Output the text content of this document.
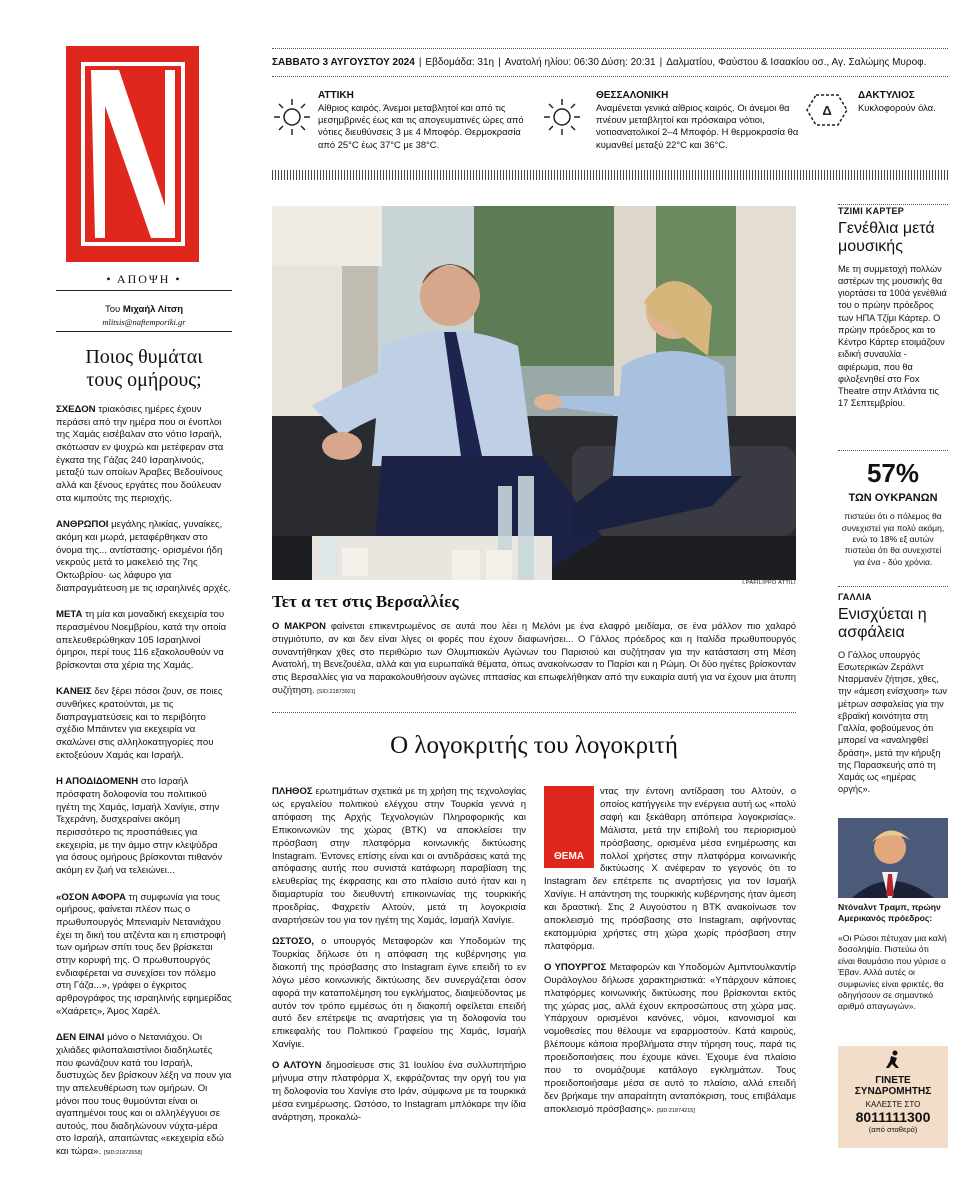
• ΑΠΟΨΗ •
Του Μιχαήλ Λίτση
mlitsis@naftemporiki.gr
Ποιος θυμάται
τους ομήρους;

ΣΧΕΔΟΝ τριακόσιες ημέρες έχουν περάσει από την ημέρα που οι ένοπλοι της Χαμάς εισέβαλαν στο νότιο Ισραήλ, σκότωσαν εν ψυχρώ και μετέφεραν στα έγκατα της Γάζας 240 Ισραηλινούς, μεταξύ των οποίων Άραβες Βεδουίνους αλλά και ξένους εργάτες που δούλευαν στα κιμπούτς της περιοχής.

ΑΝΘΡΩΠΟΙ μεγάλης ηλικίας, γυναίκες, ακόμη και μωρά, μεταφέρθηκαν στο όνομα της... αντίστασης· ορισμένοι ήδη νεκρούς μετά το μακελειό της 7ης Οκτωβρίου· ως λάφυρο για διαπραγμάτευση με τις ισραηλινές αρχές.

ΜΕΤΑ τη μία και μοναδική εκεχειρία του περασμένου Νοεμβρίου, κατά την οποία απελευθερώθηκαν 105 Ισραηλινοί όμηροι, περί τους 116 εξακολουθούν να βρίσκονται στα χέρια της Χαμάς.

ΚΑΝΕΙΣ δεν ξέρει πόσοι ζουν, σε ποιες συνθήκες κρατούνται, με τις διαπραγματεύσεις και το περιβόητο σχέδιο Μπάιντεν για εκεχειρία να σκαλώνει στις αλληλοκατηγορίες που εκτοξεύουν Χαμάς και Ισραήλ.

Η ΑΠΟΔΙΔΟΜΕΝΗ στο Ισραήλ πρόσφατη δολοφονία του πολιτικού ηγέτη της Χαμάς, Ισμαήλ Χανίγιε, στην Τεχεράνη, δυσχεραίνει ακόμη περισσότερο τις προσπάθειες για εκεχειρία, με την άμμο στην κλεψύδρα για όσους ομήρους βρίσκονται πιθανόν ακόμη εν ζωή να τελειώνει...

«ΟΣΟΝ ΑΦΟΡΑ τη συμφωνία για τους ομήρους, φαίνεται πλέον πως ο πρωθυπουργός Μπενιαμίν Νετανιάχου έχει τη δική του ατζέντα και η επιστροφή των ομήρων σπίτι τους δεν βρίσκεται στην κορυφή της. Ο πρωθυπουργός ενδιαφέρεται να συνεχίσει τον πόλεμο στη Γάζα...», γράφει ο έγκριτος αρθρογράφος της ισραηλινής εφημερίδας «Χαάρετς», Άμος Χαρέλ.

ΔΕΝ ΕΙΝΑΙ μόνο ο Νετανιάχου. Οι χιλιάδες φιλοπαλαιστίνιοι διαδηλωτές που φωνάζουν κατά του Ισραήλ, δυστυχώς δεν βρίσκουν λέξη να πουν για την απελευθέρωση των ομήρων. Οι μόνοι που τους θυμούνται είναι οι αγαπημένοι τους και οι αλληλέγγυοι σε αυτούς, που διαδηλώνουν νύχτα-μέρα στο Ισραήλ, απαιτώντας «εκεχειρία εδώ και τώρα». [SID:21872658]

ΣΑΒΒΑΤΟ 3 ΑΥΓΟΥΣΤΟΥ 2024 | Εβδομάδα: 31η | Ανατολή ηλίου: 06:30 Δύση: 20:31 | Δαλματίου, Φαύστου & Ισαακίου οσ., Αγ. Σαλώμης Μυροφ.
ΑΤΤΙΚΗ
Αίθριος καιρός. Άνεμοι μεταβλητοί και από τις μεσημβρινές έως και τις απογευματινές ώρες από νότιες διευθύνσεις 3 με 4 Μποφόρ. Θερμοκρασία από 25°C έως 37°C με 38°C.
ΘΕΣΣΑΛΟΝΙΚΗ
Αναμένεται γενικά αίθριος καιρός. Οι άνεμοι θα πνέουν μεταβλητοί και πρόσκαιρα νότιοι, νοτιοανατολικοί 2–4 Μποφόρ. Η θερμοκρασία θα κυμανθεί μεταξύ 22°C και 36°C.
Δ
ΔΑΚΤΥΛΙΟΣ
Κυκλοφορούν όλα.
I.PAFILIPPO ATTILI
Τετ α τετ στις Βερσαλλίες
Ο ΜΑΚΡΟΝ φαίνεται επικεντρωμένος σε αυτά που λέει η Μελόνι με ένα ελαφρό μειδίαμα, σε ένα μάλλον πιο χαλαρό στιγμιότυπο, αν και δεν είναι λίγες οι φορές που έχουν διαφωνήσει... Ο Γάλλος πρόεδρος και η Ιταλίδα πρωθυπουργός συναντήθηκαν χθες στο περιθώριο των Ολυμπιακών Αγώνων του Παρισιού και συζήτησαν για την κατάσταση στη Μέση Ανατολή, τη Βενεζουέλα, αλλά και για ευρωπαϊκά θέματα, όπως ανακοίνωσαν το Παρίσι και η Ρώμη. Οι δύο ηγέτες βρίσκονταν στις Βερσαλλίες για να παρακολουθήσουν αγώνες ιππασίας και επωφελήθηκαν από την ευκαιρία αυτή για να έχουν μια άτυπη συζήτηση. [SID:21873921]
Ο λογοκριτής του λογοκριτή

ΠΛΗΘΟΣ ερωτημάτων σχετικά με τη χρήση της τεχνολογίας ως εργαλείου πολιτικού ελέγχου στην Τουρκία γεννά η απόφαση της Αρχής Τεχνολογιών Πληροφορικής και Επικοινωνιών της χώρας (ΒΤΚ) να αποκλείσει την πρόσβαση στην πλατφόρμα κοινωνικής δικτύωσης Instagram. Έντονες επίσης είναι και οι αντιδράσεις κατά της απόφασης αυτής που συνιστά κατάφωρη παραβίαση της ελευθερίας της έκφρασης και στο πλαίσιο αυτό ήταν και η διαμαρτυρία του διευθυντή επικοινωνίας της τουρκικής προεδρίας, Φαχρετίν Αλτούν, μετά τη λογοκρισία αναρτήσεών του για τον ηγέτη της Χαμάς, Ισμαήλ Χανίγιε.

ΩΣΤΟΣΟ, ο υπουργός Μεταφορών και Υποδομών της Τουρκίας δήλωσε ότι η απόφαση της κυβέρνησης για διακοπή της πρόσβασης στο Instagram έγινε επειδή το εν λόγω μέσο κοινωνικής δικτύωσης δεν συνεργάζεται όσον αφορά την καταπολέμηση του εγκλήματος, διαψεύδοντας με αυτόν τον τρόπο εμμέσως ότι η διακοπή οφείλεται επειδή αυτό δεν επέτρεψε τις αναρτήσεις για τη δολοφονία του επικεφαλής του Πολιτικού Γραφείου της Χαμάς, Ισμαήλ Χανίγιε.

Ο ΑΛΤΟΥΝ δημοσίευσε στις 31 Ιουλίου ένα συλλυπητήριο μήνυμα στην πλατφόρμα Χ, εκφράζοντας την οργή του για τη δολοφονία του Χανίγιε στο Ιράν, σύμφωνα με τα τουρκικά μέσα ενημέρωσης. Ωστόσο, το Instagram μπλόκαρε την ίδια ανάρτηση, προκαλώ-

ΘΕΜΑ

ντας την έντονη αντίδραση του Αλτούν, ο οποίος κατήγγειλε την ενέργεια αυτή ως «πολύ σαφή και ξεκάθαρη απόπειρα λογοκρισίας». Μάλιστα, μετά την επιβολή του περιορισμού πρόσβασης, ορισμένα μέσα ενημέρωσης και πολλοί χρήστες στην πλατφόρμα κοινωνικής δικτύωσης Χ ανέφεραν το γεγονός ότι το Instagram δεν επέτρεπε τις αναρτήσεις για τον Ισμαήλ Χανίγιε. Η απάντηση της τουρκικής κυβέρνησης ήταν άμεση και δραστική. Στις 2 Αυγούστου η ΒΤΚ ανακοίνωσε τον αποκλεισμό της πρόσβασης στο Instagram, αφήνοντας εκατομμύρια χρήστες στη χώρα χωρίς πρόσβαση στην πλατφόρμα.

Ο ΥΠΟΥΡΓΟΣ Μεταφορών και Υποδομών Αμπντουλκαντίρ Ουράλογλου δήλωσε χαρακτηριστικά: «Υπάρχουν κάποιες πλατφόρμες κοινωνικής δικτύωσης που βρίσκονται εκτός της χώρας μας, αλλά έχουν εκπροσώπους στη χώρα μας. Υπάρχουν ορισμένοι κανόνες, νόμοι, κανονισμοί και νομοθεσίες που θέλουμε να εφαρμοστούν. Κατά καιρούς, βλέπουμε κάποια προβλήματα στην τήρηση τους, παρά τις προειδοποιήσεις που έχουμε κάνει. Έχουμε ένα πλαίσιο που το ονομάζουμε κατάλογο εγκλημάτων. Τους προειδοποιήσαμε μέσα σε αυτό το πλαίσιο, αλλά επειδή δεν βρήκαμε την απαραίτητη ανταπόκριση, τους επιβάλαμε αποκλεισμό πρόσβασης». [SID:21874215]

ΤΖΙΜΙ ΚΑΡΤΕΡ
Γενέθλια μετά μουσικής
Με τη συμμετοχή πολλών αστέρων της μουσικής θα γιορτάσει τα 100ά γενέθλιά του ο πρώην πρόεδρος των ΗΠΑ Τζίμι Κάρτερ. Ο πρώην πρόεδρος και το Κέντρο Κάρτερ ετοιμάζουν ειδική συναυλία - αφιέρωμα, που θα φιλοξενηθεί στο Fox Theatre στην Ατλάντα τις 17 Σεπτεμβρίου.
57%
ΤΩΝ ΟΥΚΡΑΝΩΝ
πιστεύει ότι ο πόλεμος θα συνεχιστεί για πολύ ακόμη, ενώ το 18% εξ αυτών πιστεύει ότι θα συνεχιστεί για ένα - δύο χρόνια.
ΓΑΛΛΙΑ
Ενισχύεται η ασφάλεια
Ο Γάλλος υπουργός Εσωτερικών Ζεράλντ Νταρμανέν ζήτησε, χθες, την «άμεση ενίσχυση» των μέτρων ασφαλείας για την εβραϊκή κοινότητα στη Γαλλία, φοβούμενος ότι μπορεί να «αναληφθεί δράση», μετά την κήρυξη της Παρασκευής από τη Χαμάς ως «ημέρας οργής».
Ντόναλντ Τραμπ, πρώην Αμερικανός πρόεδρος:
«Οι Ρώσοι πέτυχαν μια καλή δοσοληψία. Πιστεύω ότι είναι θαυμάσιο που γύρισε ο Έβαν. Αλλά αυτές οι συμφωνίες είναι φρικτές, θα οδηγήσουν σε σημαντικό αριθμό απαγωγών».
ΓΙΝΕΤΕ
ΣΥΝΔΡΟΜΗΤΗΣ
ΚΑΛΕΣΤΕ ΣΤΟ
8011111300
(από σταθερό)
